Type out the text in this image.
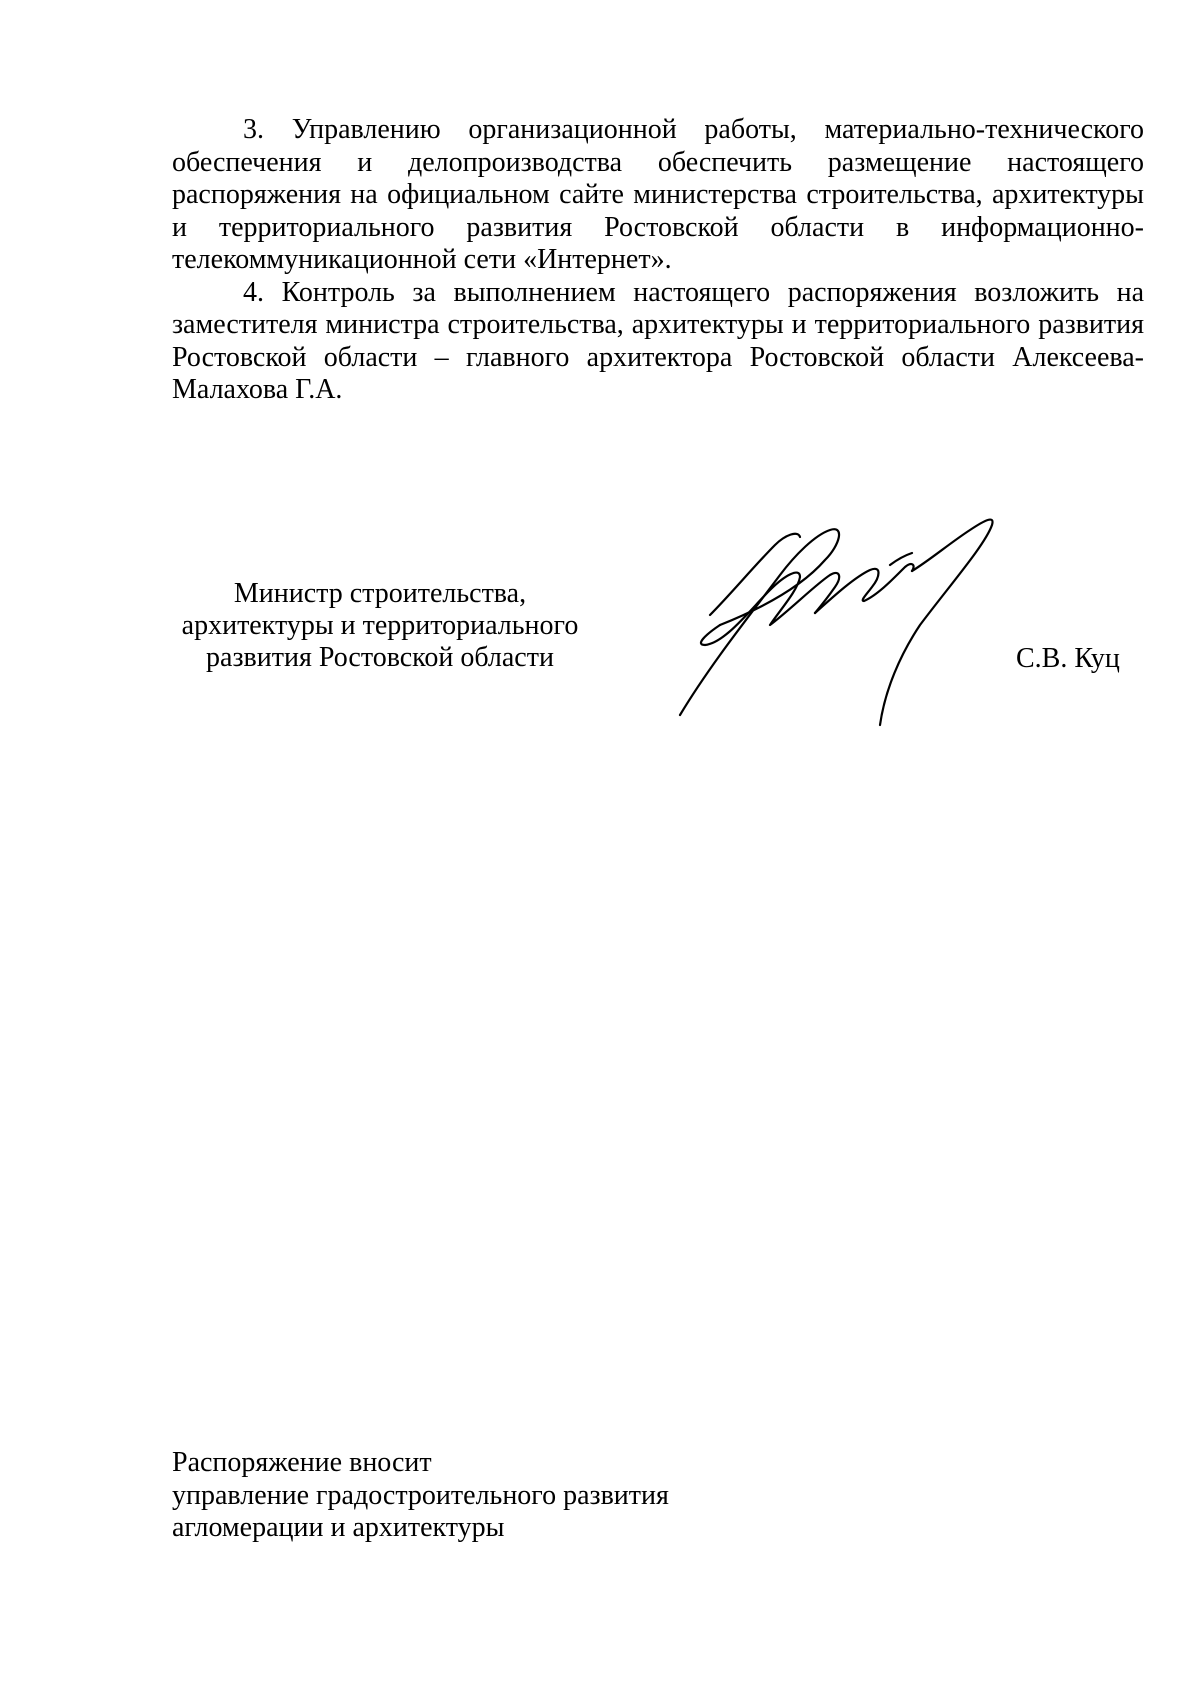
3. Управлению организационной работы, материально-технического обеспечения и делопроизводства обеспечить размещение настоящего распоряжения на официальном сайте министерства строительства, архитектуры и территориального развития Ростовской области в информационно-телекоммуникационной сети «Интернет».

4. Контроль за выполнением настоящего распоряжения возложить на заместителя министра строительства, архитектуры и территориального развития Ростовской области – главного архитектора Ростовской области Алексеева-Малахова Г.А.

Министр строительства,
архитектуры и территориального
развития Ростовской области	С.В. Куц
Распоряжение вносит
управление градостроительного развития
агломерации и архитектуры
